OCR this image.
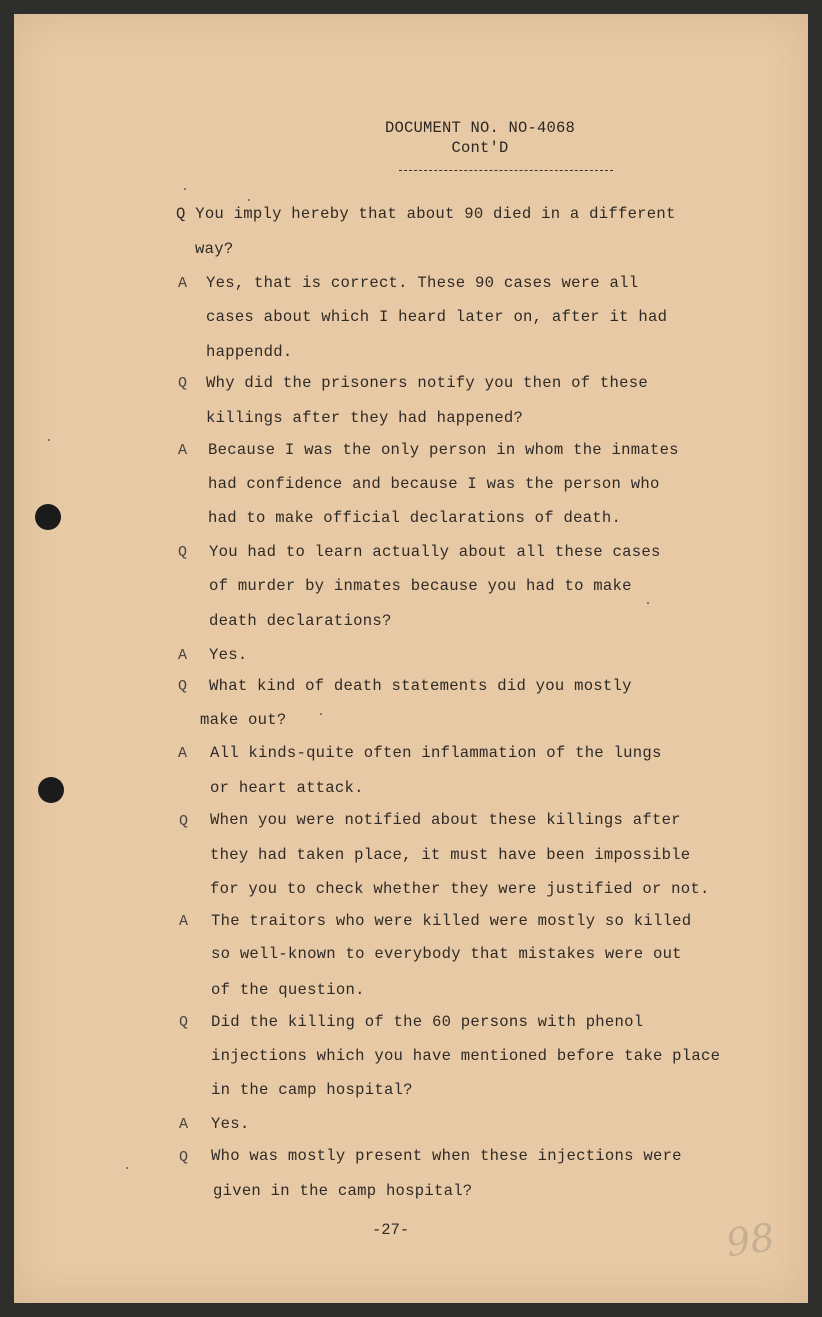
DOCUMENT NO. NO-4068
Cont'D
Q You imply hereby that about 90 died in a different
way?
A Yes, that is correct. These 90 cases were all
cases about which I heard later on, after it had
happendd.
Q Why did the prisoners notify you then of these
killings after they had happened?
A Because I was the only person in whom the inmates
had confidence and because I was the person who
had to make official declarations of death.
Q You had to learn actually about all these cases
of murder by inmates because you had to make
death declarations?
A Yes.
Q What kind of death statements did you mostly
make out?
A All kinds-quite often inflammation of the lungs
or heart attack.
Q When you were notified about these killings after
they had taken place, it must have been impossible
for you to check whether they were justified or not.
A The traitors who were killed were mostly so killed
so well-known to everybody that mistakes were out
of the question.
Q Did the killing of the 60 persons with phenol
injections which you have mentioned before take place
in the camp hospital?
A Yes.
Q Who was mostly present when these injections were
given in the camp hospital?
-27-	98
